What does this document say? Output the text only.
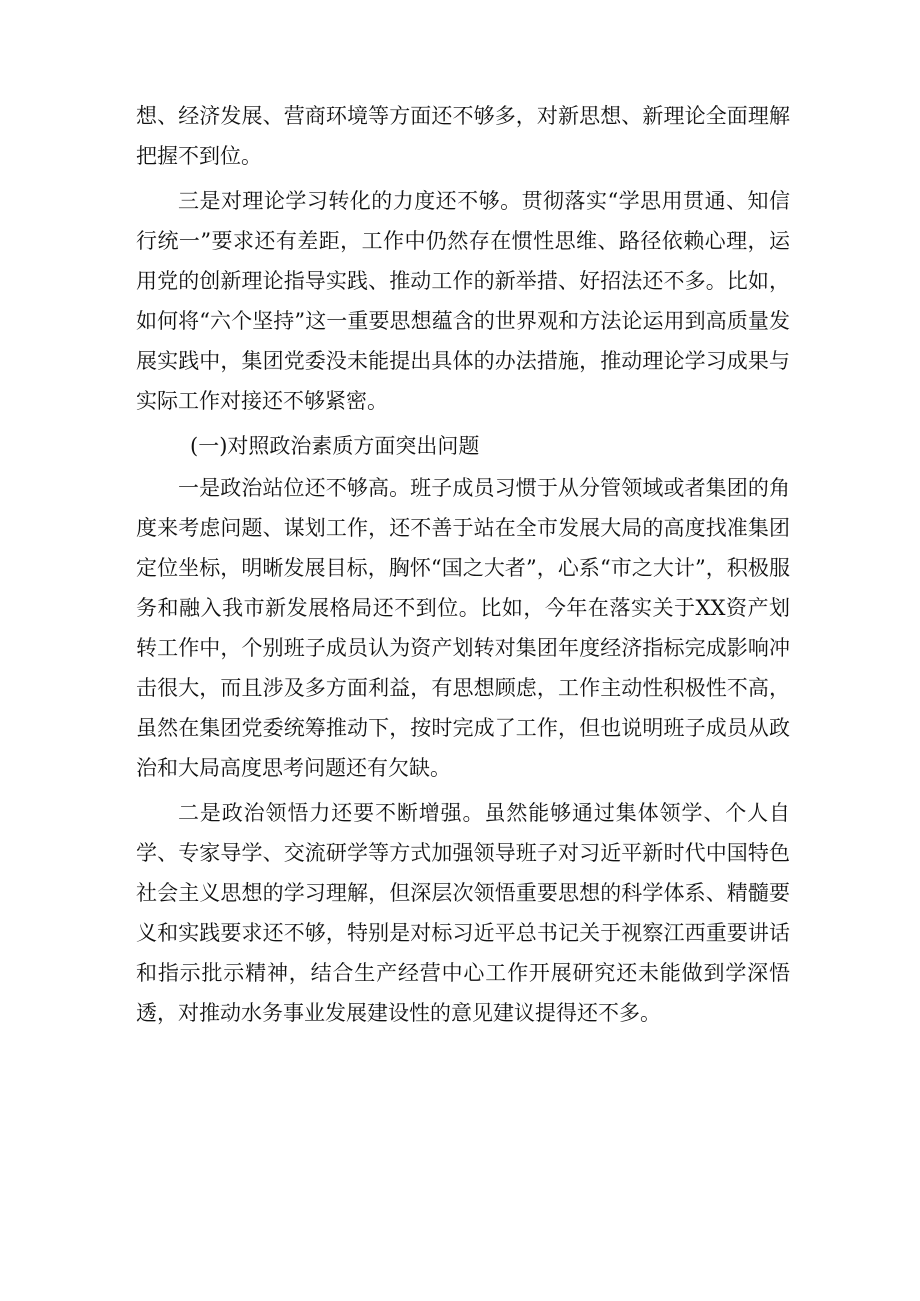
想、经济发展、营商环境等方面还不够多，对新思想、新理论全面理解把握不到位。

三是对理论学习转化的力度还不够。贯彻落实“学思用贯通、知信行统一”要求还有差距，工作中仍然存在惯性思维、路径依赖心理，运用党的创新理论指导实践、推动工作的新举措、好招法还不多。比如，如何将“六个坚持”这一重要思想蕴含的世界观和方法论运用到高质量发展实践中，集团党委没未能提出具体的办法措施，推动理论学习成果与实际工作对接还不够紧密。

(一)对照政治素质方面突出问题

一是政治站位还不够高。班子成员习惯于从分管领域或者集团的角度来考虑问题、谋划工作，还不善于站在全市发展大局的高度找准集团定位坐标，明晰发展目标，胸怀“国之大者”，心系“市之大计”，积极服务和融入我市新发展格局还不到位。比如，今年在落实关于XX资产划转工作中，个别班子成员认为资产划转对集团年度经济指标完成影响冲击很大，而且涉及多方面利益，有思想顾虑，工作主动性积极性不高，虽然在集团党委统筹推动下，按时完成了工作，但也说明班子成员从政治和大局高度思考问题还有欠缺。

二是政治领悟力还要不断增强。虽然能够通过集体领学、个人自学、专家导学、交流研学等方式加强领导班子对习近平新时代中国特色社会主义思想的学习理解，但深层次领悟重要思想的科学体系、精髓要义和实践要求还不够，特别是对标习近平总书记关于视察江西重要讲话和指示批示精神，结合生产经营中心工作开展研究还未能做到学深悟透，对推动水务事业发展建设性的意见建议提得还不多。
